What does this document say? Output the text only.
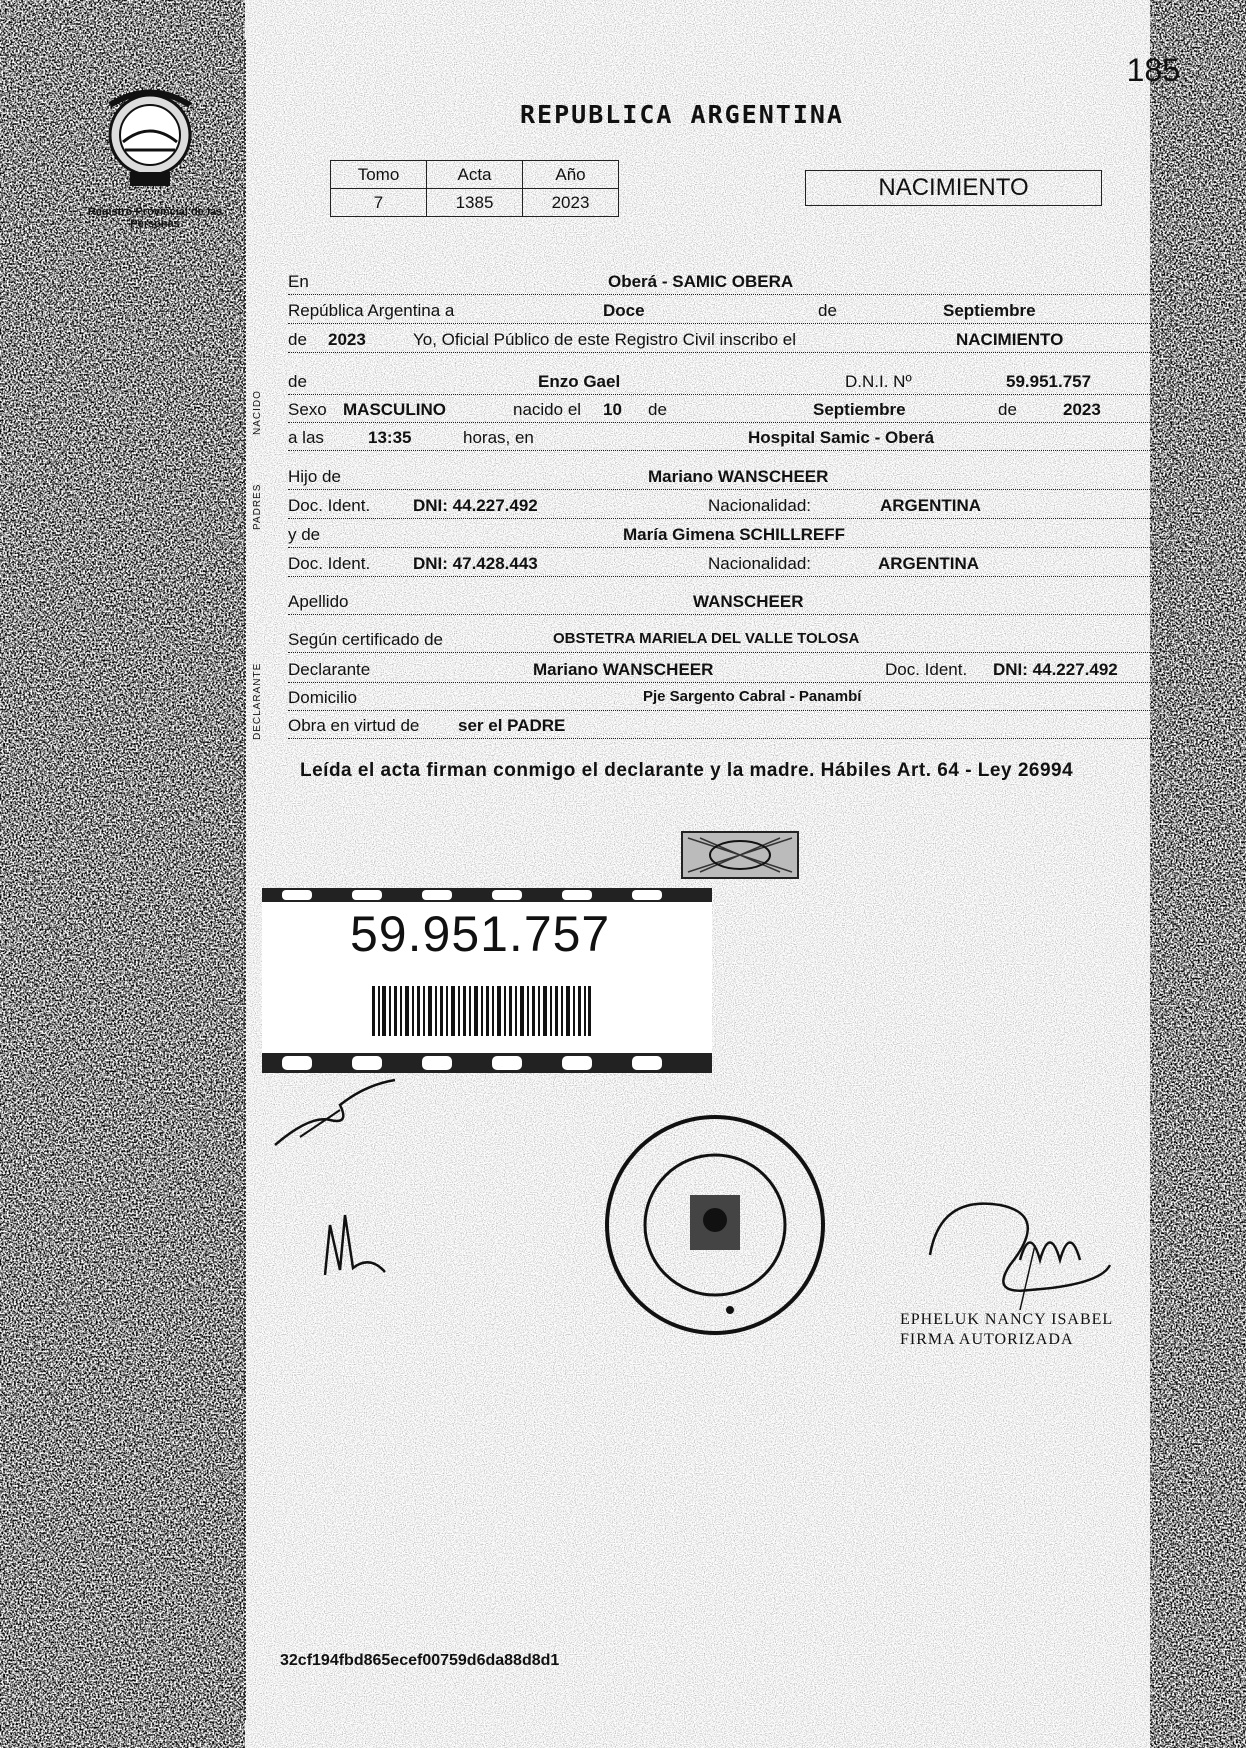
Registro Provincial de las Personas
185
REPUBLICA ARGENTINA
Tomo	Acta	Año
7	1385	2023
NACIMIENTO
NACIDO
PADRES
DECLARANTE
En	Oberá - SAMIC OBERA
República Argentina a	Doce	de	Septiembre
de 2023	Yo, Oficial Público de este Registro Civil inscribo el	NACIMIENTO
de	Enzo Gael	D.N.I. Nº	59.951.757
Sexo MASCULINO	nacido el 10 de	Septiembre	de	2023
a las	13:35	horas, en	Hospital Samic - Oberá
Hijo de	Mariano WANSCHEER
Doc. Ident.	DNI: 44.227.492	Nacionalidad:	ARGENTINA
y de	María Gimena SCHILLREFF
Doc. Ident.	DNI: 47.428.443	Nacionalidad:	ARGENTINA
Apellido	WANSCHEER
Según certificado de	OBSTETRA MARIELA DEL VALLE TOLOSA
Declarante	Mariano WANSCHEER	Doc. Ident. DNI: 44.227.492
Domicilio	Pje Sargento Cabral - Panambí
Obra en virtud de ser el PADRE
Leída el acta firman conmigo el declarante y la madre. Hábiles Art. 64 - Ley 26994
59.951.757
EPHELUK NANCY ISABEL
FIRMA AUTORIZADA
32cf194fbd865ecef00759d6da88d8d1
